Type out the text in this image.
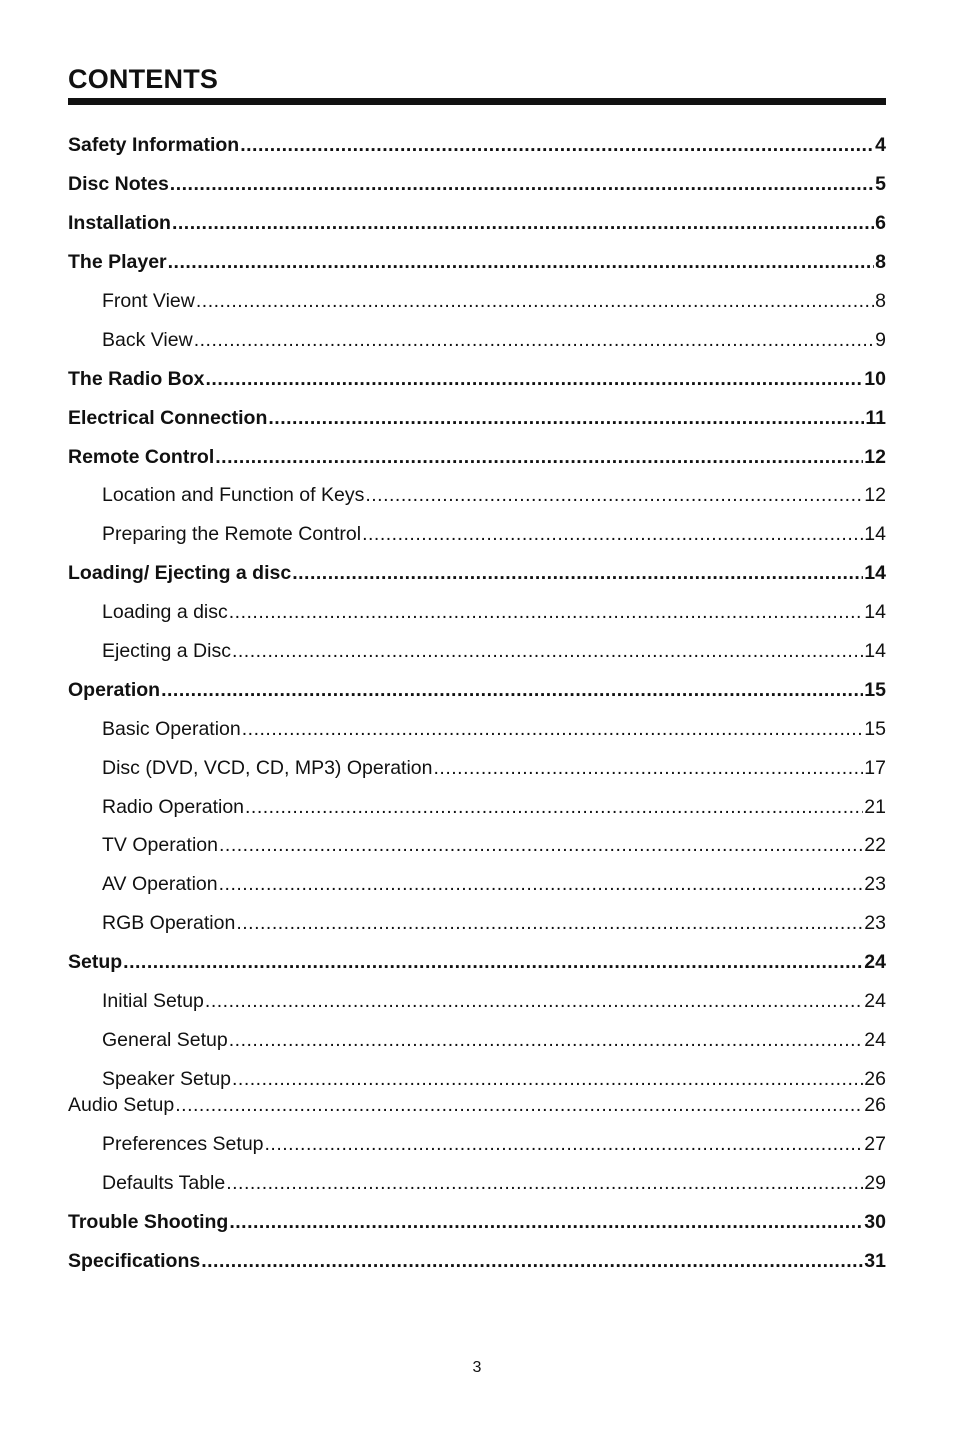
CONTENTS
Safety Information .....	4
Disc Notes .....	5
Installation .....	6
The Player .....	8
Front View .....	8
Back View .....	9
The Radio Box .....	10
Electrical Connection .....	11
Remote Control .....	12
Location and Function of Keys .....	12
Preparing the Remote Control .....	14
Loading/ Ejecting a disc .....	14
Loading a disc .....	14
Ejecting a Disc .....	14
Operation .....	15
Basic Operation .....	15
Disc (DVD, VCD, CD, MP3) Operation .....	17
Radio Operation .....	21
TV Operation .....	22
AV Operation .....	23
RGB Operation .....	23
Setup .....	24
Initial Setup .....	24
General Setup .....	24
Speaker Setup .....	26
Audio Setup .....	26
Preferences Setup .....	27
Defaults Table .....	29
Trouble Shooting .....	30
Specifications .....	31
3
